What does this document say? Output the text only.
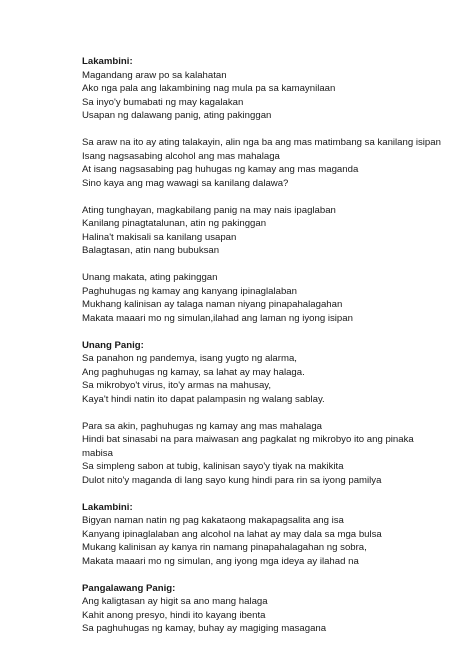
Lakambini:
Magandang araw po sa kalahatan
Ako nga pala ang lakambining nag mula pa sa kamaynilaan
Sa inyo'y bumabati ng may kagalakan
Usapan ng dalawang panig, ating pakinggan
Sa araw na ito ay ating talakayin, alin nga ba ang mas matimbang sa kanilang isipan
Isang nagsasabing alcohol ang mas mahalaga
At isang nagsasabing pag huhugas ng kamay ang mas maganda
Sino kaya ang mag wawagi sa kanilang dalawa?
Ating tunghayan, magkabilang panig na may nais ipaglaban
Kanilang pinagtatalunan, atin ng pakinggan
Halina't makisali sa kanilang usapan
Balagtasan, atin nang bubuksan
Unang makata, ating pakinggan
Paghuhugas ng kamay ang kanyang ipinaglalaban
Mukhang kalinisan ay talaga naman niyang pinapahalagahan
Makata maaari mo ng simulan,ilahad ang laman ng iyong isipan
Unang Panig:
Sa panahon ng pandemya, isang yugto ng alarma,
Ang paghuhugas ng kamay, sa lahat ay may halaga.
Sa mikrobyo't virus, ito'y armas na mahusay,
Kaya't hindi natin ito dapat palampasin ng walang sablay.
Para sa akin, paghuhugas ng kamay ang mas mahalaga
Hindi bat sinasabi na para maiwasan ang pagkalat ng mikrobyo ito ang pinaka
mabisa
Sa simpleng sabon at tubig, kalinisan sayo'y tiyak na makikita
Dulot nito'y maganda di lang sayo kung hindi para rin sa iyong pamilya
Lakambini:
Bigyan naman natin ng pag kakataong makapagsalita ang isa
Kanyang ipinaglalaban ang alcohol na lahat ay may dala sa mga bulsa
Mukang kalinisan ay kanya rin namang pinapahalagahan ng sobra,
Makata maaari mo ng simulan, ang iyong mga ideya ay ilahad na
Pangalawang Panig:
Ang kaligtasan ay higit sa ano mang halaga
Kahit anong presyo, hindi ito kayang ibenta
Sa paghuhugas ng kamay, buhay ay magiging masagana
